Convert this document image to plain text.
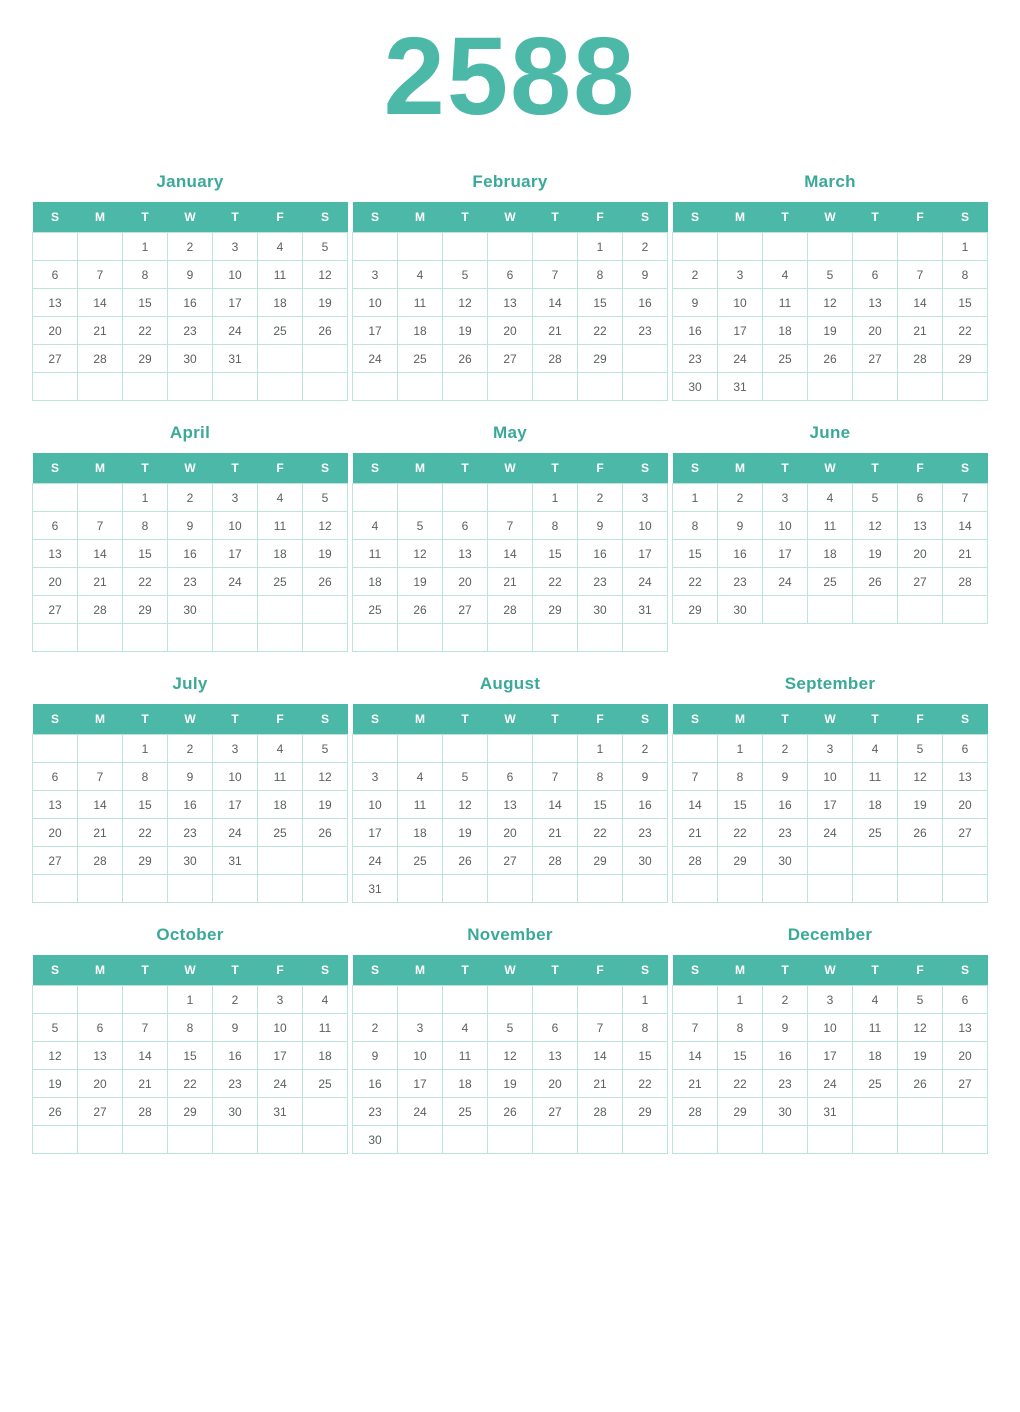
2588
January
S	M	T	W	T	F	S
		1	2	3	4	5
6	7	8	9	10	11	12
13	14	15	16	17	18	19
20	21	22	23	24	25	26
27	28	29	30	31		

February
S	M	T	W	T	F	S
					1	2
3	4	5	6	7	8	9
10	11	12	13	14	15	16
17	18	19	20	21	22	23
24	25	26	27	28	29	

March
S	M	T	W	T	F	S
						1
2	3	4	5	6	7	8
9	10	11	12	13	14	15
16	17	18	19	20	21	22
23	24	25	26	27	28	29
30	31					
April
S	M	T	W	T	F	S
		1	2	3	4	5
6	7	8	9	10	11	12
13	14	15	16	17	18	19
20	21	22	23	24	25	26
27	28	29	30			

May
S	M	T	W	T	F	S
				1	2	3
4	5	6	7	8	9	10
11	12	13	14	15	16	17
18	19	20	21	22	23	24
25	26	27	28	29	30	31

June
S	M	T	W	T	F	S
1	2	3	4	5	6	7
8	9	10	11	12	13	14
15	16	17	18	19	20	21
22	23	24	25	26	27	28
29	30					
July
S	M	T	W	T	F	S
		1	2	3	4	5
6	7	8	9	10	11	12
13	14	15	16	17	18	19
20	21	22	23	24	25	26
27	28	29	30	31		

August
S	M	T	W	T	F	S
					1	2
3	4	5	6	7	8	9
10	11	12	13	14	15	16
17	18	19	20	21	22	23
24	25	26	27	28	29	30
31						
September
S	M	T	W	T	F	S
	1	2	3	4	5	6
7	8	9	10	11	12	13
14	15	16	17	18	19	20
21	22	23	24	25	26	27
28	29	30				

October
S	M	T	W	T	F	S
			1	2	3	4
5	6	7	8	9	10	11
12	13	14	15	16	17	18
19	20	21	22	23	24	25
26	27	28	29	30	31	

November
S	M	T	W	T	F	S
						1
2	3	4	5	6	7	8
9	10	11	12	13	14	15
16	17	18	19	20	21	22
23	24	25	26	27	28	29
30						
December
S	M	T	W	T	F	S
	1	2	3	4	5	6
7	8	9	10	11	12	13
14	15	16	17	18	19	20
21	22	23	24	25	26	27
28	29	30	31			
